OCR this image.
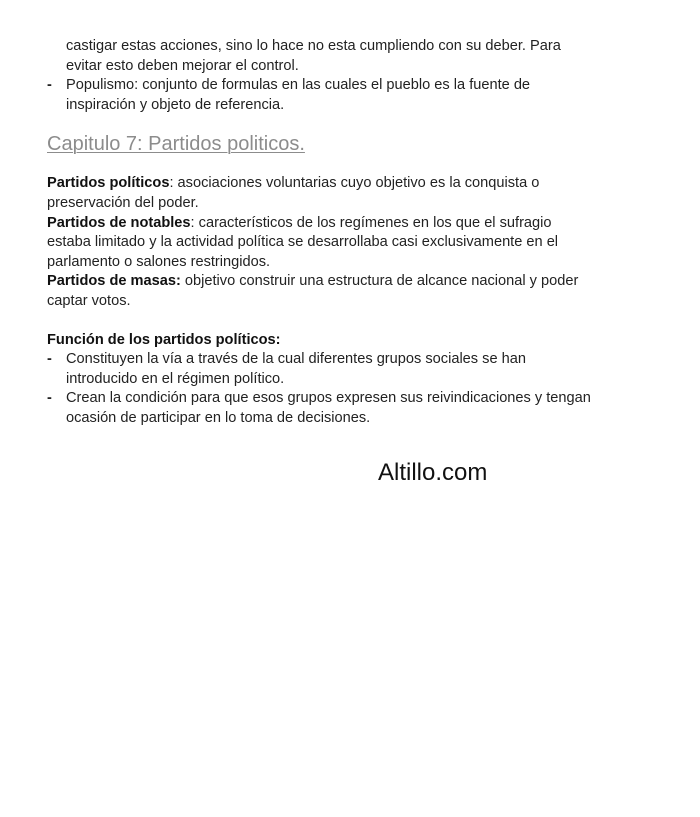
castigar estas acciones, sino lo hace no esta cumpliendo con su deber. Para
evitar esto deben mejorar el control.
- Populismo: conjunto de formulas en las cuales el pueblo es la fuente de
inspiración y objeto de referencia.
Capitulo 7: Partidos politicos.
Partidos políticos: asociaciones voluntarias cuyo objetivo es la conquista o
preservación del poder.
Partidos de notables: característicos de los regímenes en los que el sufragio
estaba limitado y la actividad política se desarrollaba casi exclusivamente en el
parlamento o salones restringidos.
Partidos de masas: objetivo construir una estructura de alcance nacional y poder
captar votos.
Función de los partidos políticos:
- Constituyen la vía a través de la cual diferentes grupos sociales se han
introducido en el régimen político.
- Crean la condición para que esos grupos expresen sus reivindicaciones y tengan
ocasión de participar en lo toma de decisiones.
Altillo.com
